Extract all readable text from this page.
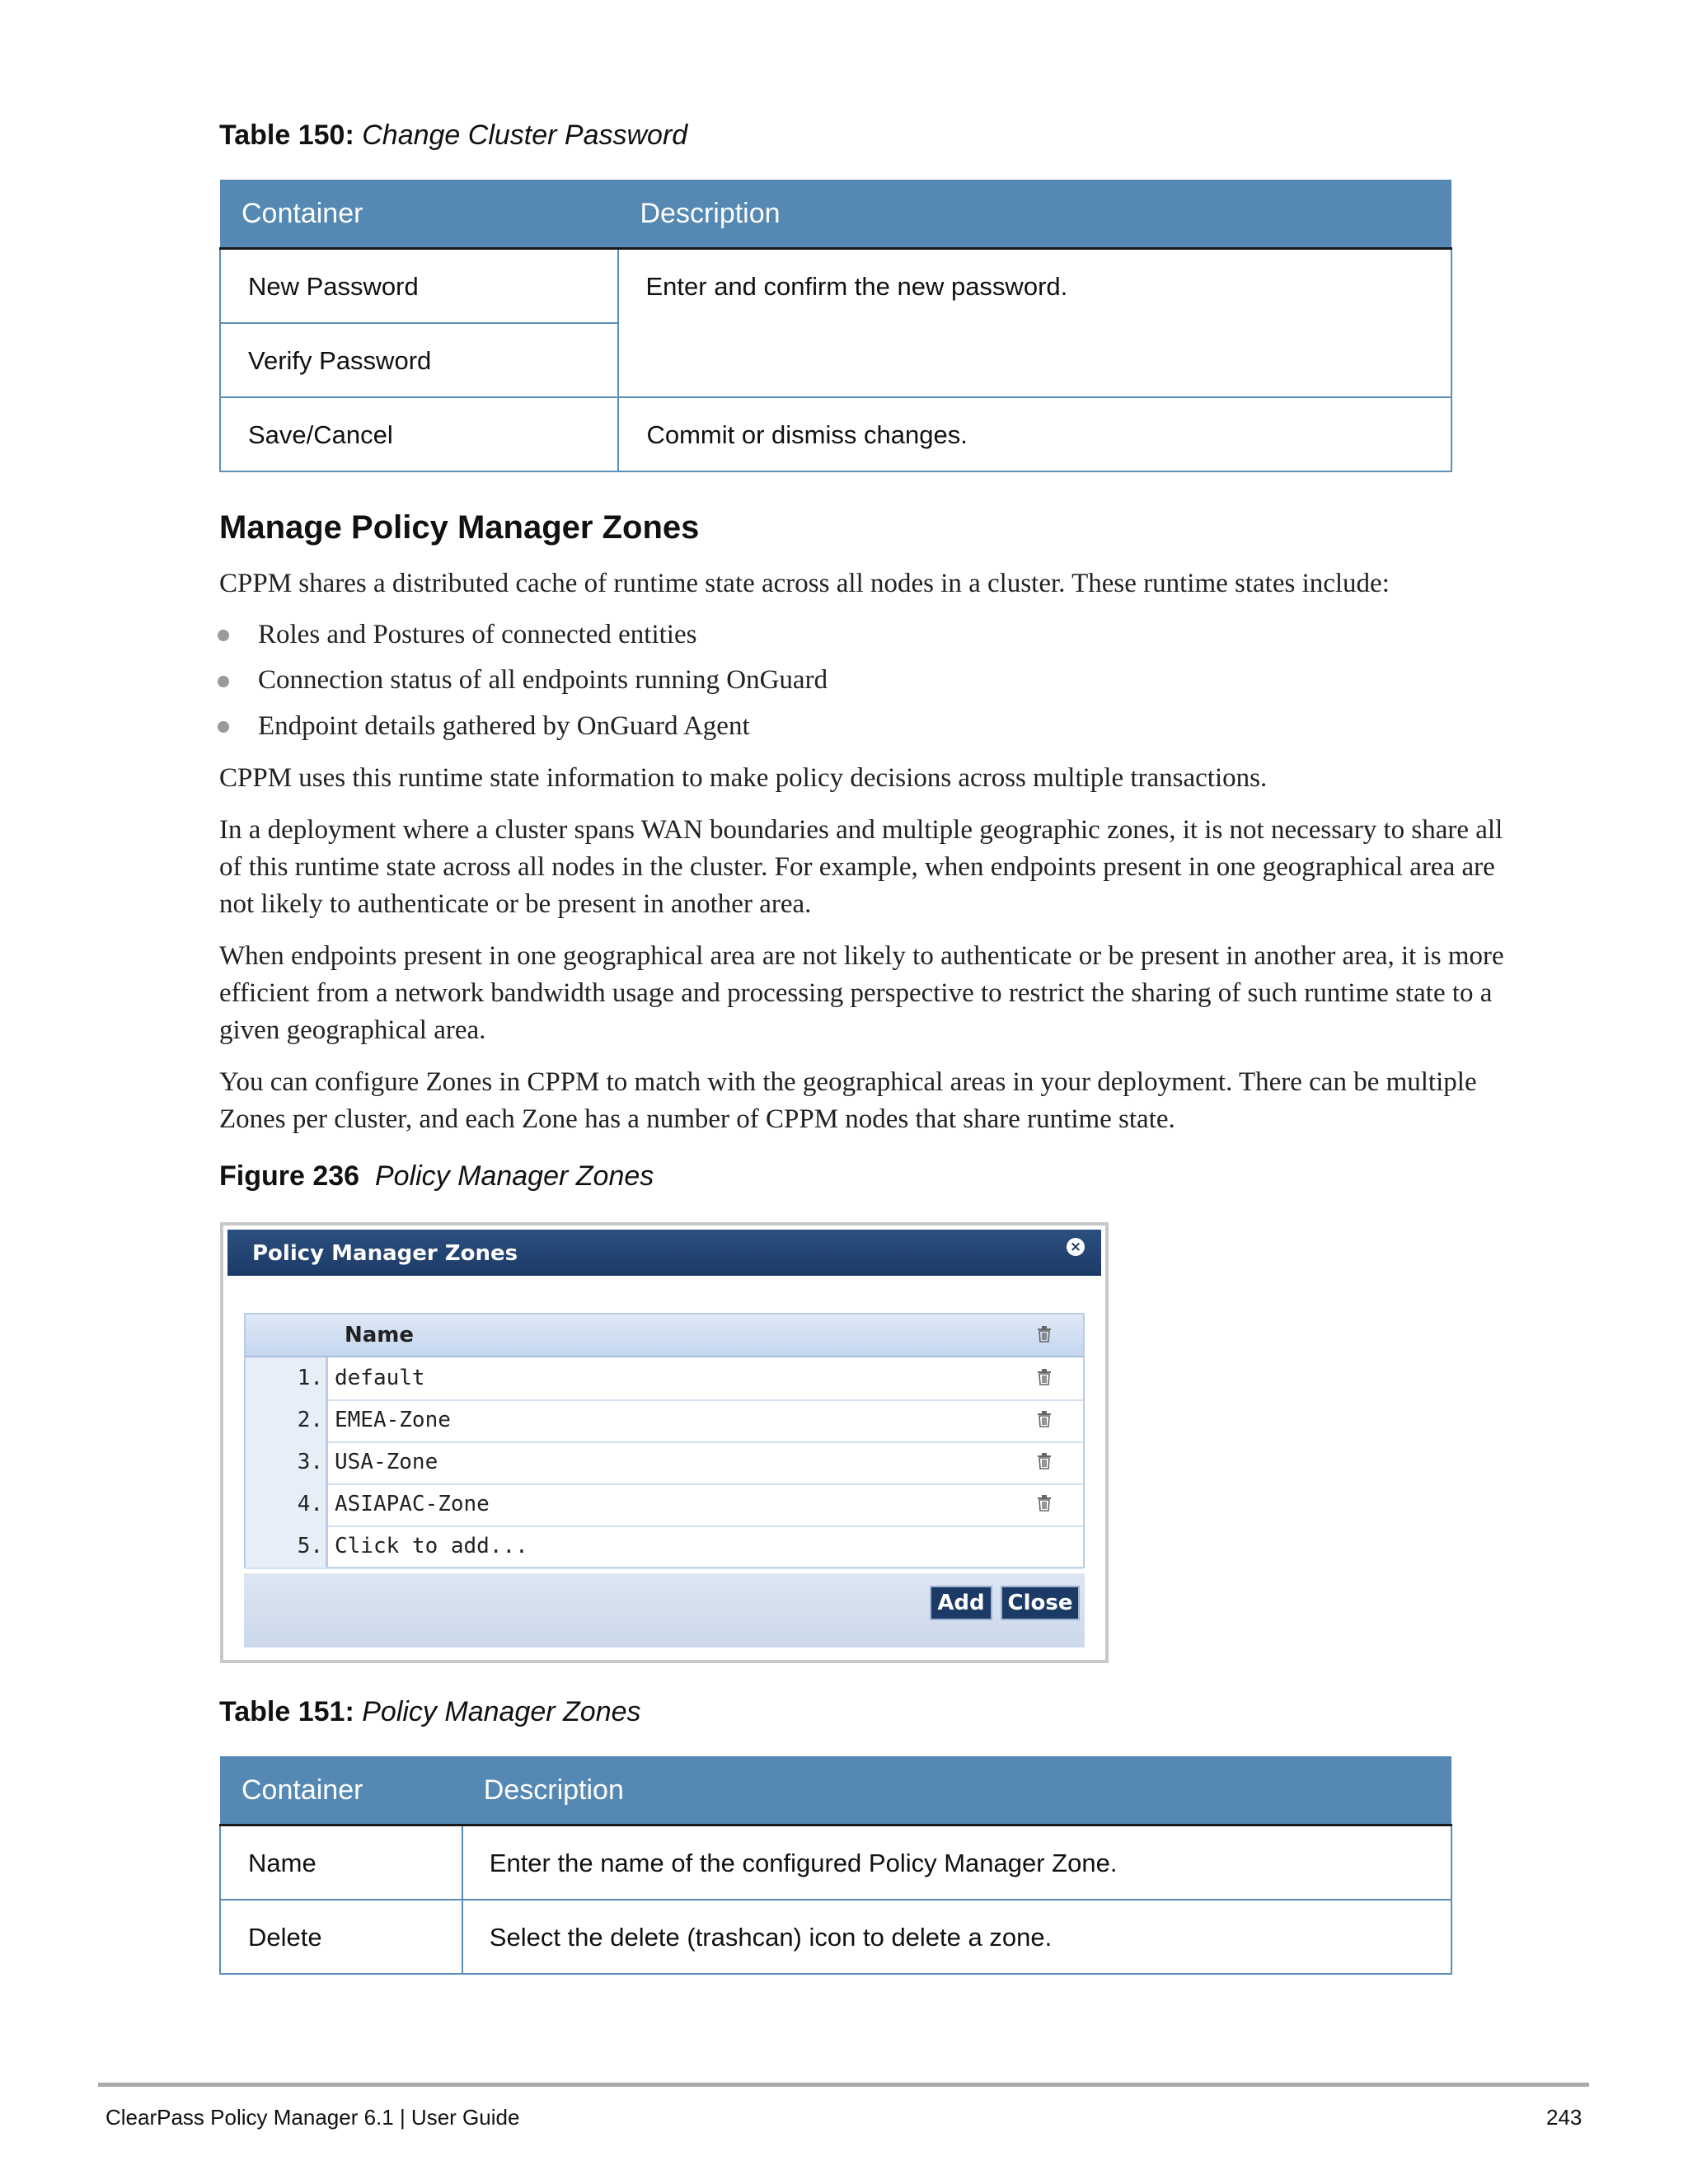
Table 150: Change Cluster Password
Container	Description

New Password	Enter and confirm the new password.

Verify Password	

Save/Cancel	Commit or dismiss changes.
Manage Policy Manager Zones
CPPM shares a distributed cache of runtime state across all nodes in a cluster. These runtime states include:
Roles and Postures of connected entities
Connection status of all endpoints running OnGuard
Endpoint details gathered by OnGuard Agent
CPPM uses this runtime state information to make policy decisions across multiple transactions.
In a deployment where a cluster spans WAN boundaries and multiple geographic zones, it is not necessary to share all
of this runtime state across all nodes in the cluster. For example, when endpoints present in one geographical area are
not likely to authenticate or be present in another area.
When endpoints present in one geographical area are not likely to authenticate or be present in another area, it is more
efficient from a network bandwidth usage and processing perspective to restrict the sharing of such runtime state to a
given geographical area.
You can configure Zones in CPPM to match with the geographical areas in your deployment. There can be multiple
Zones per cluster, and each Zone has a number of CPPM nodes that share runtime state.
Figure 236 Policy Manager Zones
Policy Manager Zones	×
Name
1. default
2. EMEA-Zone
3. USA-Zone
4. ASIAPAC-Zone
5. Click to add...
Add	Close
Table 151: Policy Manager Zones
Container	Description

Name	Enter the name of the configured Policy Manager Zone.

Delete	Select the delete (trashcan) icon to delete a zone.
ClearPass Policy Manager 6.1 | User Guide	243
